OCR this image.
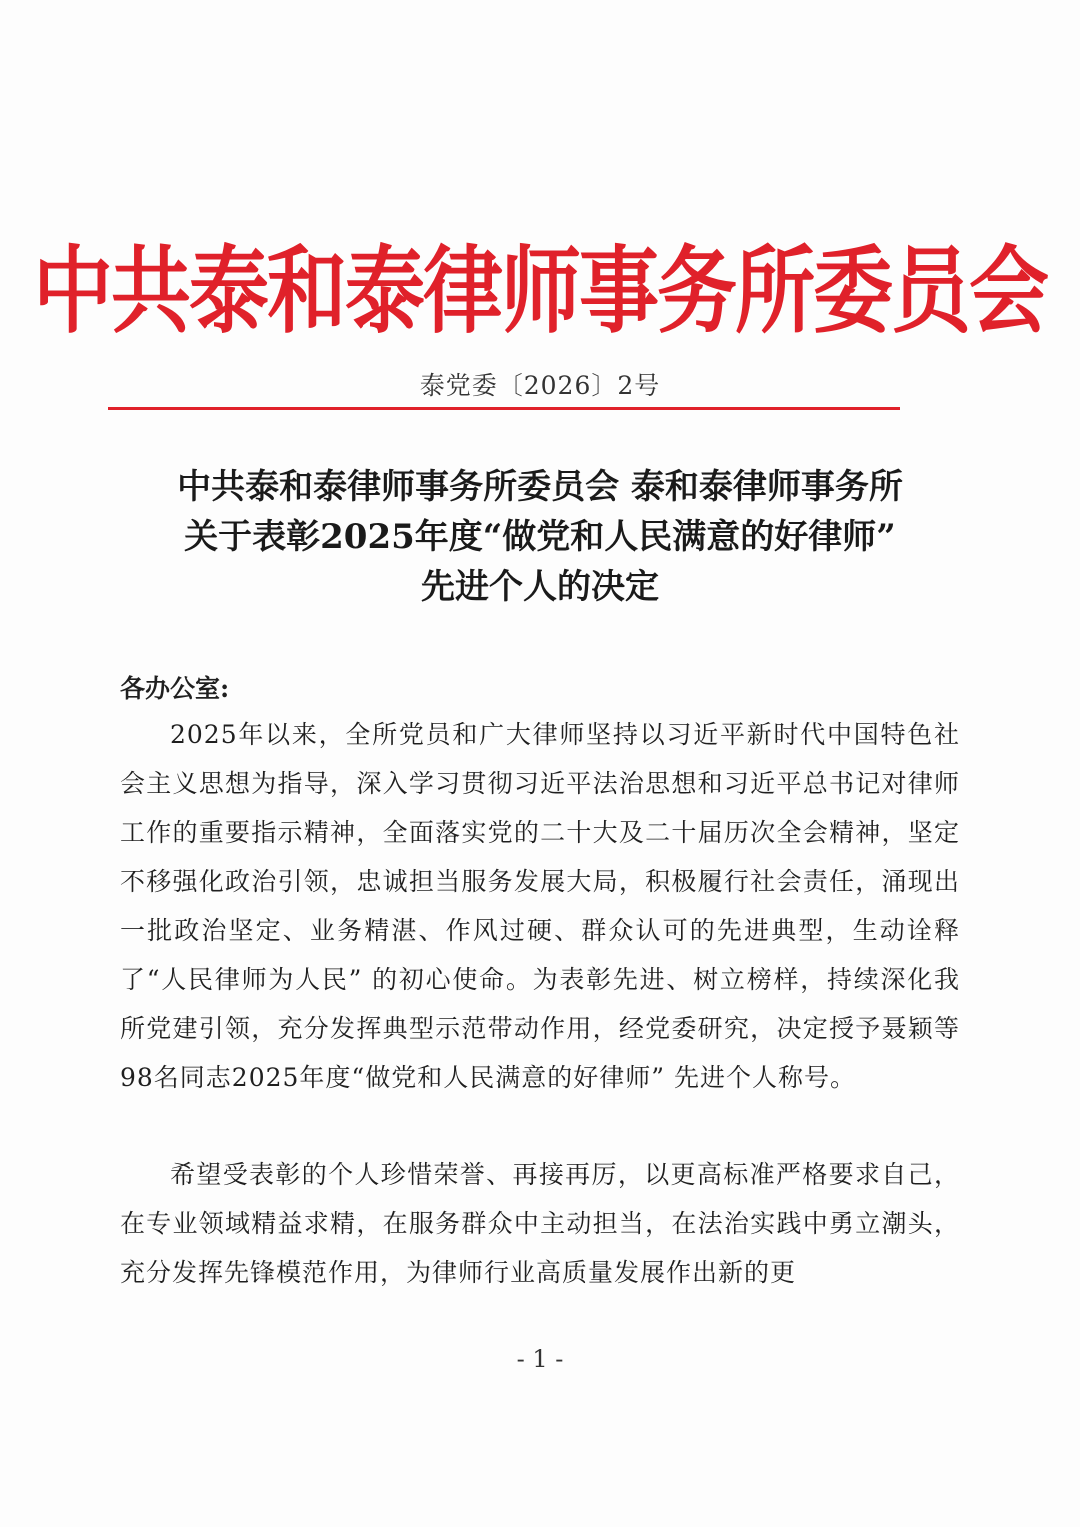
中共泰和泰律师事务所委员会
泰党委〔2026〕2号
中共泰和泰律师事务所委员会 泰和泰律师事务所
关于表彰2025年度“做党和人民满意的好律师”
先进个人的决定
各办公室:
2025年以来，全所党员和广大律师坚持以习近平新时代中国特色社会主义思想为指导，深入学习贯彻习近平法治思想和习近平总书记对律师工作的重要指示精神，全面落实党的二十大及二十届历次全会精神，坚定不移强化政治引领，忠诚担当服务发展大局，积极履行社会责任，涌现出一批政治坚定、业务精湛、作风过硬、群众认可的先进典型，生动诠释了“人民律师为人民” 的初心使命。为表彰先进、树立榜样，持续深化我所党建引领，充分发挥典型示范带动作用，经党委研究，决定授予聂颖等98名同志2025年度“做党和人民满意的好律师” 先进个人称号。
希望受表彰的个人珍惜荣誉、再接再厉，以更高标准严格要求自己，在专业领域精益求精，在服务群众中主动担当，在法治实践中勇立潮头，充分发挥先锋模范作用，为律师行业高质量发展作出新的更
- 1 -
